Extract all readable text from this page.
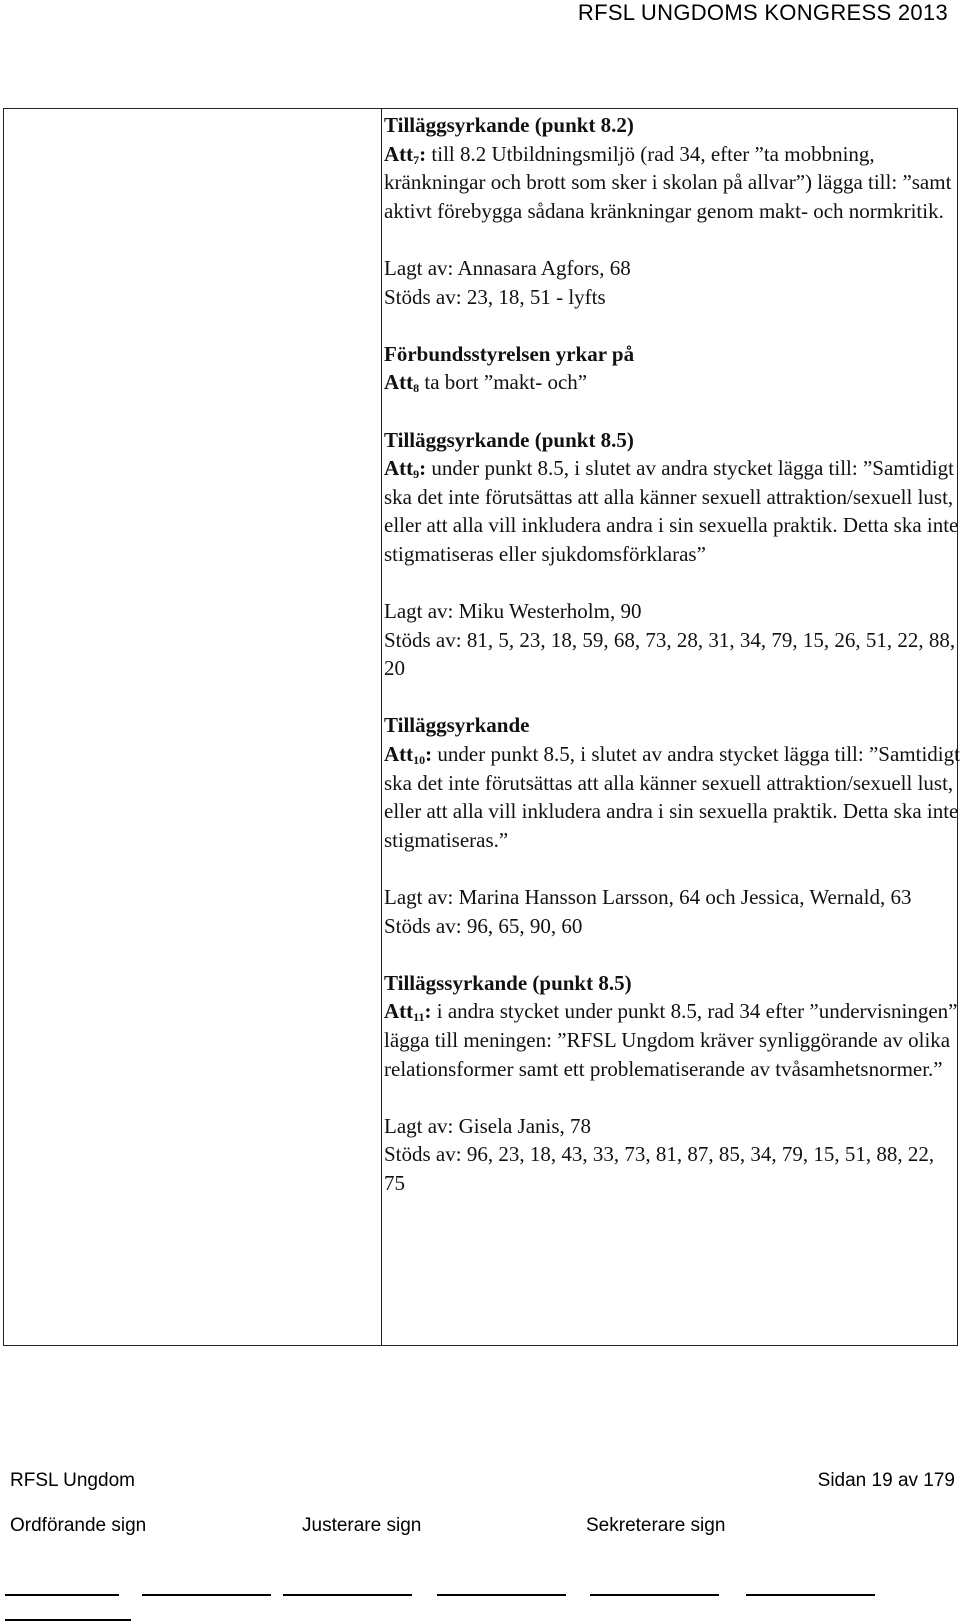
RFSL UNGDOMS KONGRESS 2013

Tilläggsyrkande (punkt 8.2)

Att$_7$: till 8.2 Utbildningsmiljö (rad 34, efter ”ta mobbning, kränkningar och brott som sker i skolan på allvar”) lägga till: ”samt aktivt förebygga sådana kränkningar genom makt- och normkritik.

Lagt av: Annasara Agfors, 68

Stöds av: 23, 18, 51 - lyfts

Förbundsstyrelsen yrkar på

Att$_8$ ta bort ”makt- och”

Tilläggsyrkande (punkt 8.5)

Att$_9$: under punkt 8.5, i slutet av andra stycket lägga till: ”Samtidigt ska det inte förutsättas att alla känner sexuell attraktion/sexuell lust, eller att alla vill inkludera andra i sin sexuella praktik. Detta ska inte stigmatiseras eller sjukdomsförklaras”

Lagt av: Miku Westerholm, 90

Stöds av: 81, 5, 23, 18, 59, 68, 73, 28, 31, 34, 79, 15, 26, 51, 22, 88, 20

Tilläggsyrkande

Att$_{10}$: under punkt 8.5, i slutet av andra stycket lägga till: ”Samtidigt ska det inte förutsättas att alla känner sexuell attraktion/sexuell lust, eller att alla vill inkludera andra i sin sexuella praktik. Detta ska inte stigmatiseras.”

Lagt av: Marina Hansson Larsson, 64 och Jessica, Wernald, 63

Stöds av: 96, 65, 90, 60

Tillägssyrkande (punkt 8.5)

Att$_{11}$: i andra stycket under punkt 8.5, rad 34 efter ”undervisningen” lägga till meningen: ”RFSL Ungdom kräver synliggörande av olika relationsformer samt ett problematiserande av tvåsamhetsnormer.”

Lagt av: Gisela Janis, 78

Stöds av: 96, 23, 18, 43, 33, 73, 81, 87, 85, 34, 79, 15, 51, 88, 22, 75

RFSL Ungdom	Sidan 19 av 179
Ordförande sign	Justerare sign	Sekreterare sign
